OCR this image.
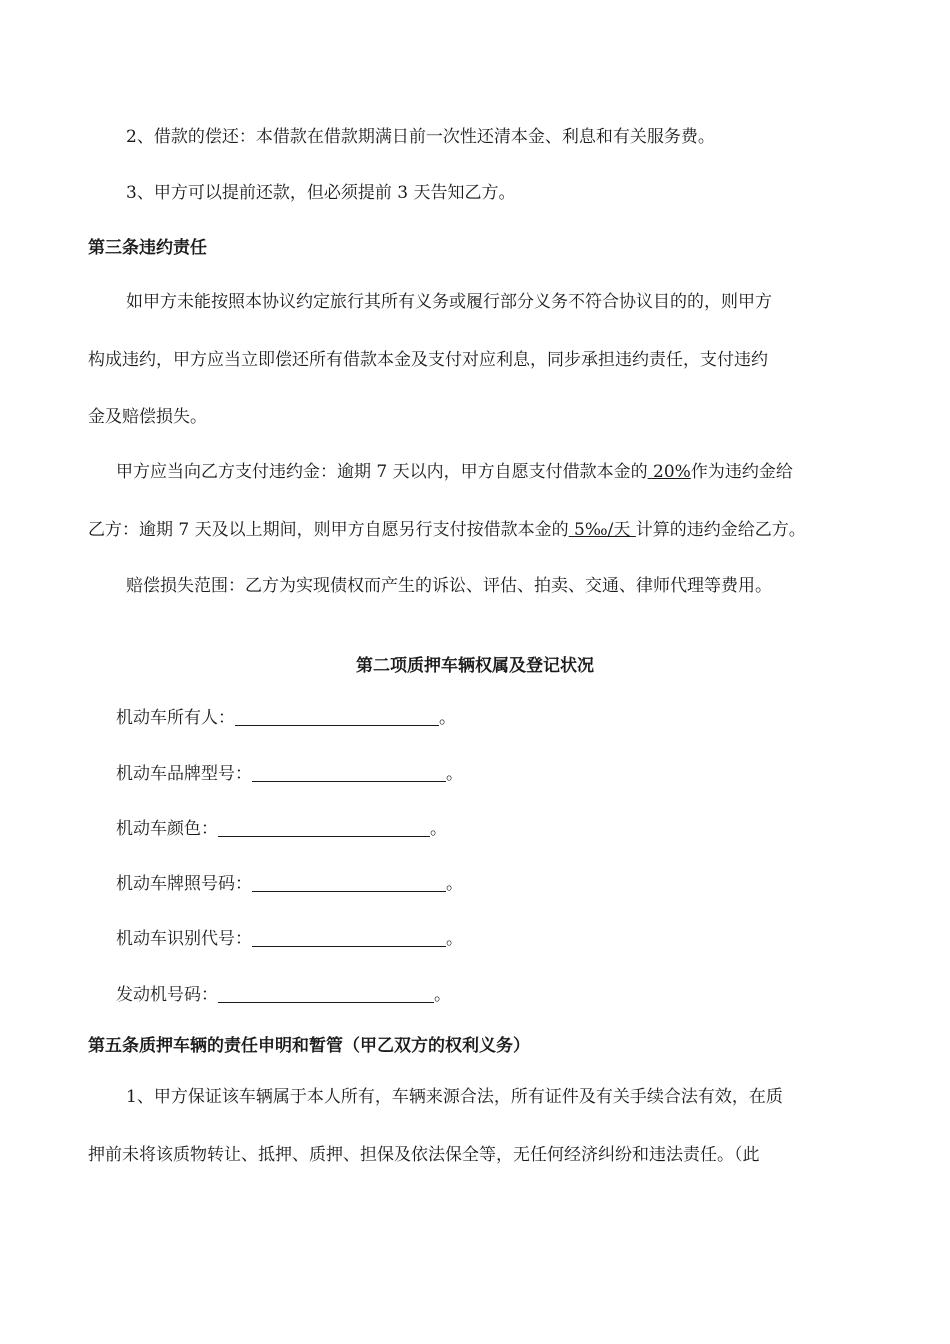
2、借款的偿还：本借款在借款期满日前一次性还清本金、利息和有关服务费。
3、甲方可以提前还款，但必须提前 3 天告知乙方。
第三条违约责任
如甲方未能按照本协议约定旅行其所有义务或履行部分义务不符合协议目的的，则甲方
构成违约，甲方应当立即偿还所有借款本金及支付对应利息，同步承担违约责任，支付违约
金及赔偿损失。
甲方应当向乙方支付违约金：逾期 7 天以内，甲方自愿支付借款本金的 20%作为违约金给
乙方：逾期 7 天及以上期间，则甲方自愿另行支付按借款本金的 5‰/天 计算的违约金给乙方。
赔偿损失范围：乙方为实现债权而产生的诉讼、评估、拍卖、交通、律师代理等费用。
第二项质押车辆权属及登记状况
机动车所有人：	。
机动车品牌型号：	。
机动车颜色：	。
机动车牌照号码：	。
机动车识别代号：	。
发动机号码：	。
第五条质押车辆的责任申明和暂管（甲乙双方的权利义务）
1、甲方保证该车辆属于本人所有，车辆来源合法，所有证件及有关手续合法有效，在质
押前未将该质物转让、抵押、质押、担保及依法保全等，无任何经济纠纷和违法责任。（此
